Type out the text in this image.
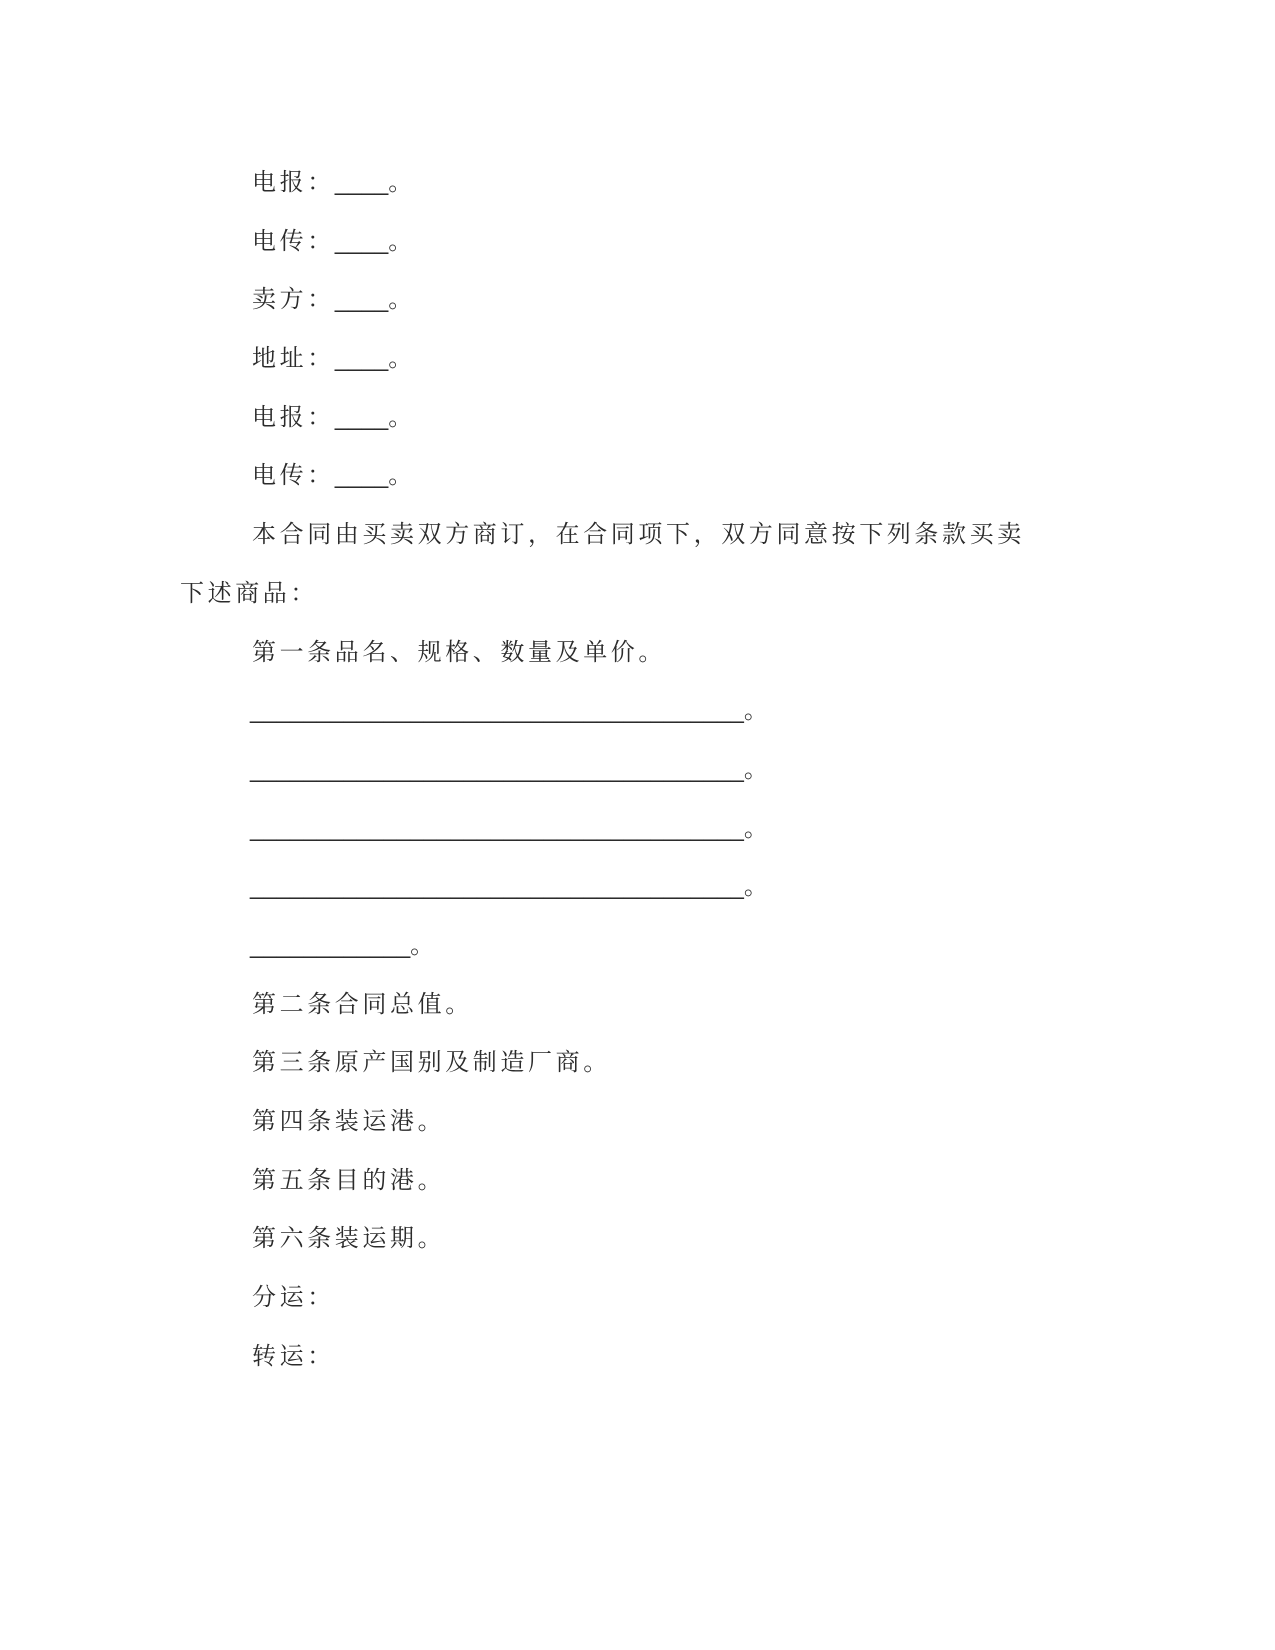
电报：____。
电传：____。
卖方：____。
地址：____。
电报：____。
电传：____。
本合同由买卖双方商订，在合同项下，双方同意按下列条款买卖
下述商品：
第一条品名、规格、数量及单价。
_____________________________________。
_____________________________________。
_____________________________________。
_____________________________________。
____________。
第二条合同总值。
第三条原产国别及制造厂商。
第四条装运港。
第五条目的港。
第六条装运期。
分运：
转运：
